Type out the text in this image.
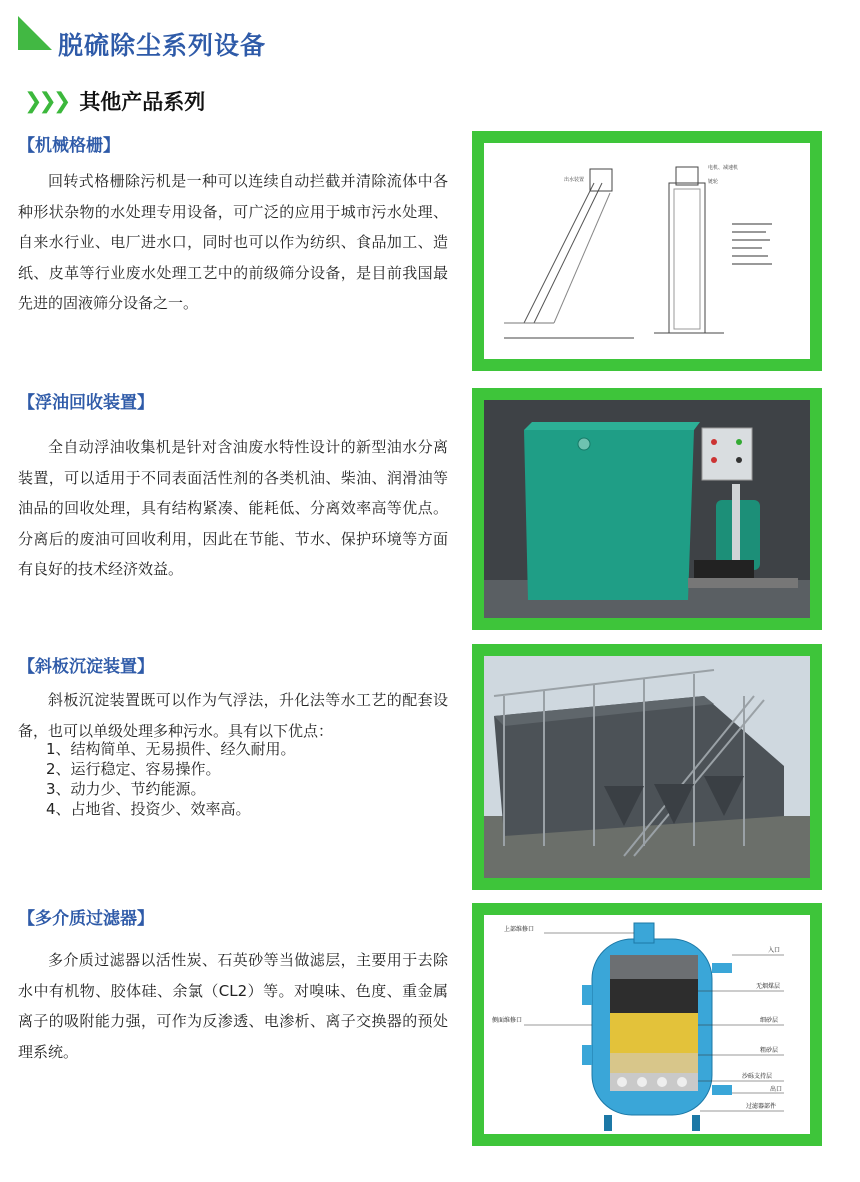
脱硫除尘系列设备
❯❯❯ 其他产品系列
【机械格栅】

回转式格栅除污机是一种可以连续自动拦截并清除流体中各种形状杂物的水处理专用设备，可广泛的应用于城市污水处理、自来水行业、电厂进水口，同时也可以作为纺织、食品加工、造纸、皮革等行业废水处理工艺中的前级筛分设备，是目前我国最先进的固液筛分设备之一。

出水装置
电机、减速机
链轮
【浮油回收装置】

全自动浮油收集机是针对含油废水特性设计的新型油水分离装置，可以适用于不同表面活性剂的各类机油、柴油、润滑油等油品的回收处理，具有结构紧凑、能耗低、分离效率高等优点。分离后的废油可回收利用，因此在节能、节水、保护环境等方面有良好的技术经济效益。

【斜板沉淀装置】

斜板沉淀装置既可以作为气浮法，升化法等水工艺的配套设备，也可以单级处理多种污水。具有以下优点：

1、结构简单、无易损件、经久耐用。
2、运行稳定、容易操作。
3、动力少、节约能源。
4、占地省、投资少、效率高。
【多介质过滤器】

多介质过滤器以活性炭、石英砂等当做滤层，主要用于去除水中有机物、胶体硅、余氯（CL2）等。对嗅味、色度、重金属离子的吸附能力强，可作为反渗透、电渗析、离子交换器的预处理系统。

上部维修口
入口
无烟煤层
侧面维修口	细砂层
粗砂层
沙砾支持层
出口
过滤器部件
